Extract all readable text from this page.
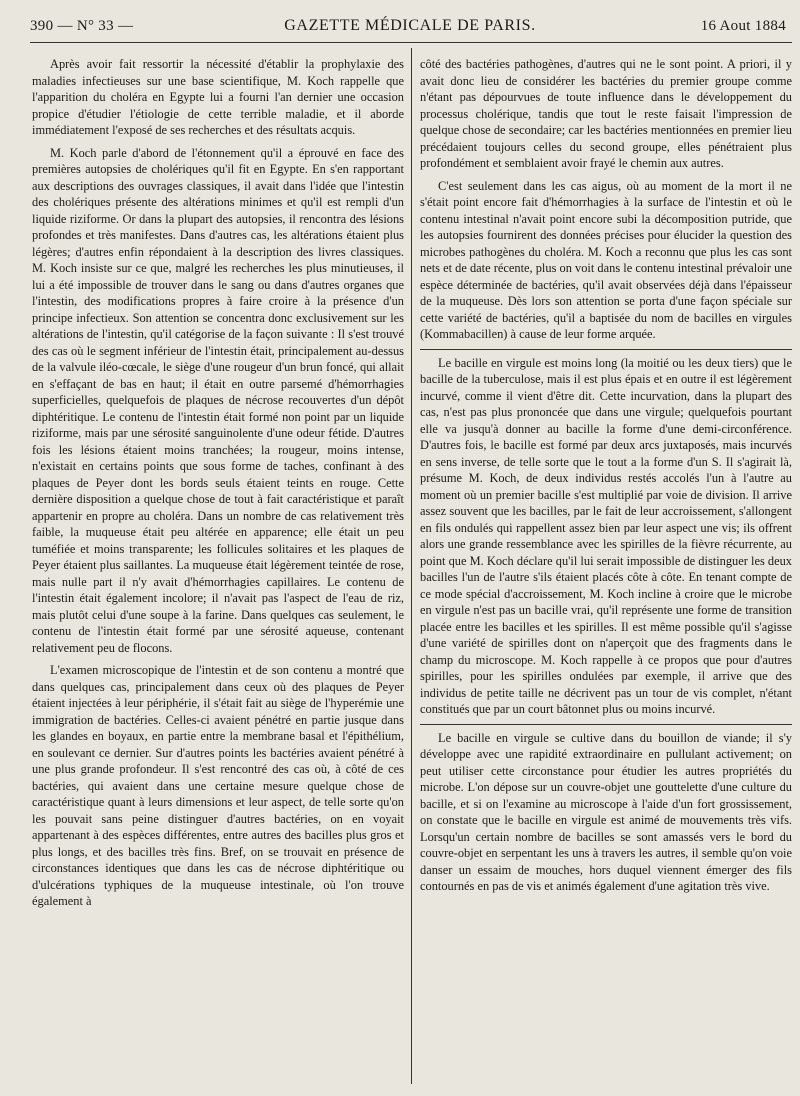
390 — N° 33 —	GAZETTE MÉDICALE DE PARIS.	16 Aout 1884

Après avoir fait ressortir la nécessité d'établir la prophylaxie des maladies infectieuses sur une base scientifique, M. Koch rappelle que l'apparition du choléra en Egypte lui a fourni l'an dernier une occasion propice d'étudier l'étiologie de cette terrible maladie, et il aborde immédiatement l'exposé de ses recherches et des résultats acquis.

M. Koch parle d'abord de l'étonnement qu'il a éprouvé en face des premières autopsies de cholériques qu'il fit en Egypte. En s'en rapportant aux descriptions des ouvrages classiques, il avait dans l'idée que l'intestin des cholériques présente des altérations minimes et qu'il est rempli d'un liquide riziforme. Or dans la plupart des autopsies, il rencontra des lésions profondes et très manifestes. Dans d'autres cas, les altérations étaient plus légères; d'autres enfin répondaient à la description des livres classiques. M. Koch insiste sur ce que, malgré les recherches les plus minutieuses, il lui a été impossible de trouver dans le sang ou dans d'autres organes que l'intestin, des modifications propres à faire croire à la présence d'un principe infectieux. Son attention se concentra donc exclusivement sur les altérations de l'intestin, qu'il catégorise de la façon suivante : Il s'est trouvé des cas où le segment inférieur de l'intestin était, principalement au-dessus de la valvule iléo-cœcale, le siège d'une rougeur d'un brun foncé, qui allait en s'effaçant de bas en haut; il était en outre parsemé d'hémorrhagies superficielles, quelquefois de plaques de nécrose recouvertes d'un dépôt diphtéritique. Le contenu de l'intestin était formé non point par un liquide riziforme, mais par une sérosité sanguinolente d'une odeur fétide. D'autres fois les lésions étaient moins tranchées; la rougeur, moins intense, n'existait en certains points que sous forme de taches, confinant à des plaques de Peyer dont les bords seuls étaient teints en rouge. Cette dernière disposition a quelque chose de tout à fait caractéristique et paraît appartenir en propre au choléra. Dans un nombre de cas relativement très faible, la muqueuse était peu altérée en apparence; elle était un peu tuméfiée et moins transparente; les follicules solitaires et les plaques de Peyer étaient plus saillantes. La muqueuse était légèrement teintée de rose, mais nulle part il n'y avait d'hémorrhagies capillaires. Le contenu de l'intestin était également incolore; il n'avait pas l'aspect de l'eau de riz, mais plutôt celui d'une soupe à la farine. Dans quelques cas seulement, le contenu de l'intestin était formé par une sérosité aqueuse, contenant relativement peu de flocons.

L'examen microscopique de l'intestin et de son contenu a montré que dans quelques cas, principalement dans ceux où des plaques de Peyer étaient injectées à leur périphérie, il s'était fait au siège de l'hyperémie une immigration de bactéries. Celles-ci avaient pénétré en partie jusque dans les glandes en boyaux, en partie entre la membrane basal et l'épithélium, en soulevant ce dernier. Sur d'autres points les bactéries avaient pénétré à une plus grande profondeur. Il s'est rencontré des cas où, à côté de ces bactéries, qui avaient dans une certaine mesure quelque chose de caractéristique quant à leurs dimensions et leur aspect, de telle sorte qu'on les pouvait sans peine distinguer d'autres bactéries, on en voyait appartenant à des espèces différentes, entre autres des bacilles plus gros et plus longs, et des bacilles très fins. Bref, on se trouvait en présence de circonstances identiques que dans les cas de nécrose diphtéritique ou d'ulcérations typhiques de la muqueuse intestinale, où l'on trouve également à

côté des bactéries pathogènes, d'autres qui ne le sont point. A priori, il y avait donc lieu de considérer les bactéries du premier groupe comme n'étant pas dépourvues de toute influence dans le développement du processus cholérique, tandis que tout le reste faisait l'impression de quelque chose de secondaire; car les bactéries mentionnées en premier lieu précédaient toujours celles du second groupe, elles pénétraient plus profondément et semblaient avoir frayé le chemin aux autres.

C'est seulement dans les cas aigus, où au moment de la mort il ne s'était point encore fait d'hémorrhagies à la surface de l'intestin et où le contenu intestinal n'avait point encore subi la décomposition putride, que les autopsies fournirent des données précises pour élucider la question des microbes pathogènes du choléra. M. Koch a reconnu que plus les cas sont nets et de date récente, plus on voit dans le contenu intestinal prévaloir une espèce déterminée de bactéries, qu'il avait observées déjà dans l'épaisseur de la muqueuse. Dès lors son attention se porta d'une façon spéciale sur cette variété de bactéries, qu'il a baptisée du nom de bacilles en virgules (Kommabacillen) à cause de leur forme arquée.

Le bacille en virgule est moins long (la moitié ou les deux tiers) que le bacille de la tuberculose, mais il est plus épais et en outre il est légèrement incurvé, comme il vient d'être dit. Cette incurvation, dans la plupart des cas, n'est pas plus prononcée que dans une virgule; quelquefois pourtant elle va jusqu'à donner au bacille la forme d'une demi-circonférence. D'autres fois, le bacille est formé par deux arcs juxtaposés, mais incurvés en sens inverse, de telle sorte que le tout a la forme d'un S. Il s'agirait là, présume M. Koch, de deux individus restés accolés l'un à l'autre au moment où un premier bacille s'est multiplié par voie de division. Il arrive assez souvent que les bacilles, par le fait de leur accroissement, s'allongent en fils ondulés qui rappellent assez bien par leur aspect une vis; ils offrent alors une grande ressemblance avec les spirilles de la fièvre récurrente, au point que M. Koch déclare qu'il lui serait impossible de distinguer les deux bacilles l'un de l'autre s'ils étaient placés côte à côte. En tenant compte de ce mode spécial d'accroissement, M. Koch incline à croire que le microbe en virgule n'est pas un bacille vrai, qu'il représente une forme de transition placée entre les bacilles et les spirilles. Il est même possible qu'il s'agisse d'une variété de spirilles dont on n'aperçoit que des fragments dans le champ du microscope. M. Koch rappelle à ce propos que pour d'autres spirilles, pour les spirilles ondulées par exemple, il arrive que des individus de petite taille ne décrivent pas un tour de vis complet, n'étant constitués que par un court bâtonnet plus ou moins incurvé.

Le bacille en virgule se cultive dans du bouillon de viande; il s'y développe avec une rapidité extraordinaire en pullulant activement; on peut utiliser cette circonstance pour étudier les autres propriétés du microbe. L'on dépose sur un couvre-objet une gouttelette d'une culture du bacille, et si on l'examine au microscope à l'aide d'un fort grossissement, on constate que le bacille en virgule est animé de mouvements très vifs. Lorsqu'un certain nombre de bacilles se sont amassés vers le bord du couvre-objet en serpentant les uns à travers les autres, il semble qu'on voie danser un essaim de mouches, hors duquel viennent émerger des fils contournés en pas de vis et animés également d'une agitation très vive.
